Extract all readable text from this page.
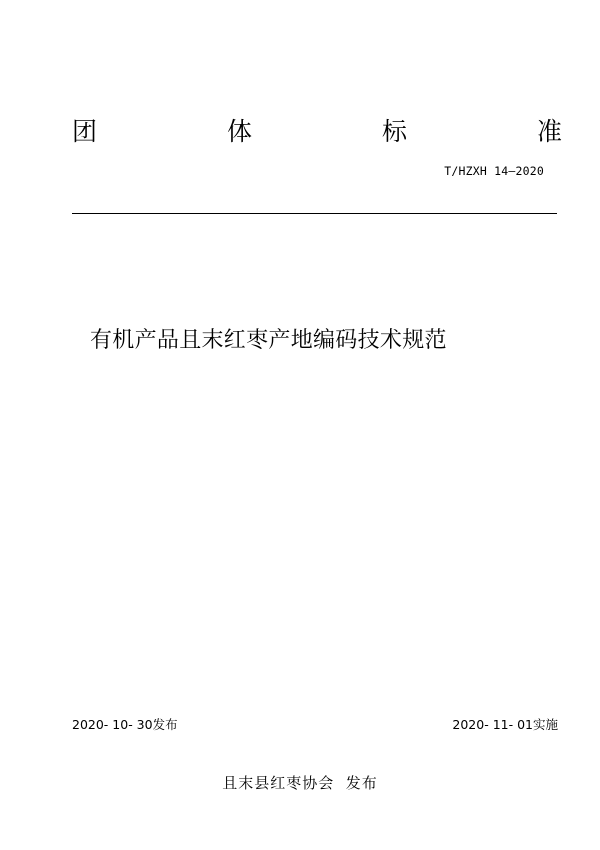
团	体	标	准
T/HZXH 14—2020
有机产品且末红枣产地编码技术规范
2020- 10- 30发布	2020- 11- 01实施
且末县红枣协会  发布
